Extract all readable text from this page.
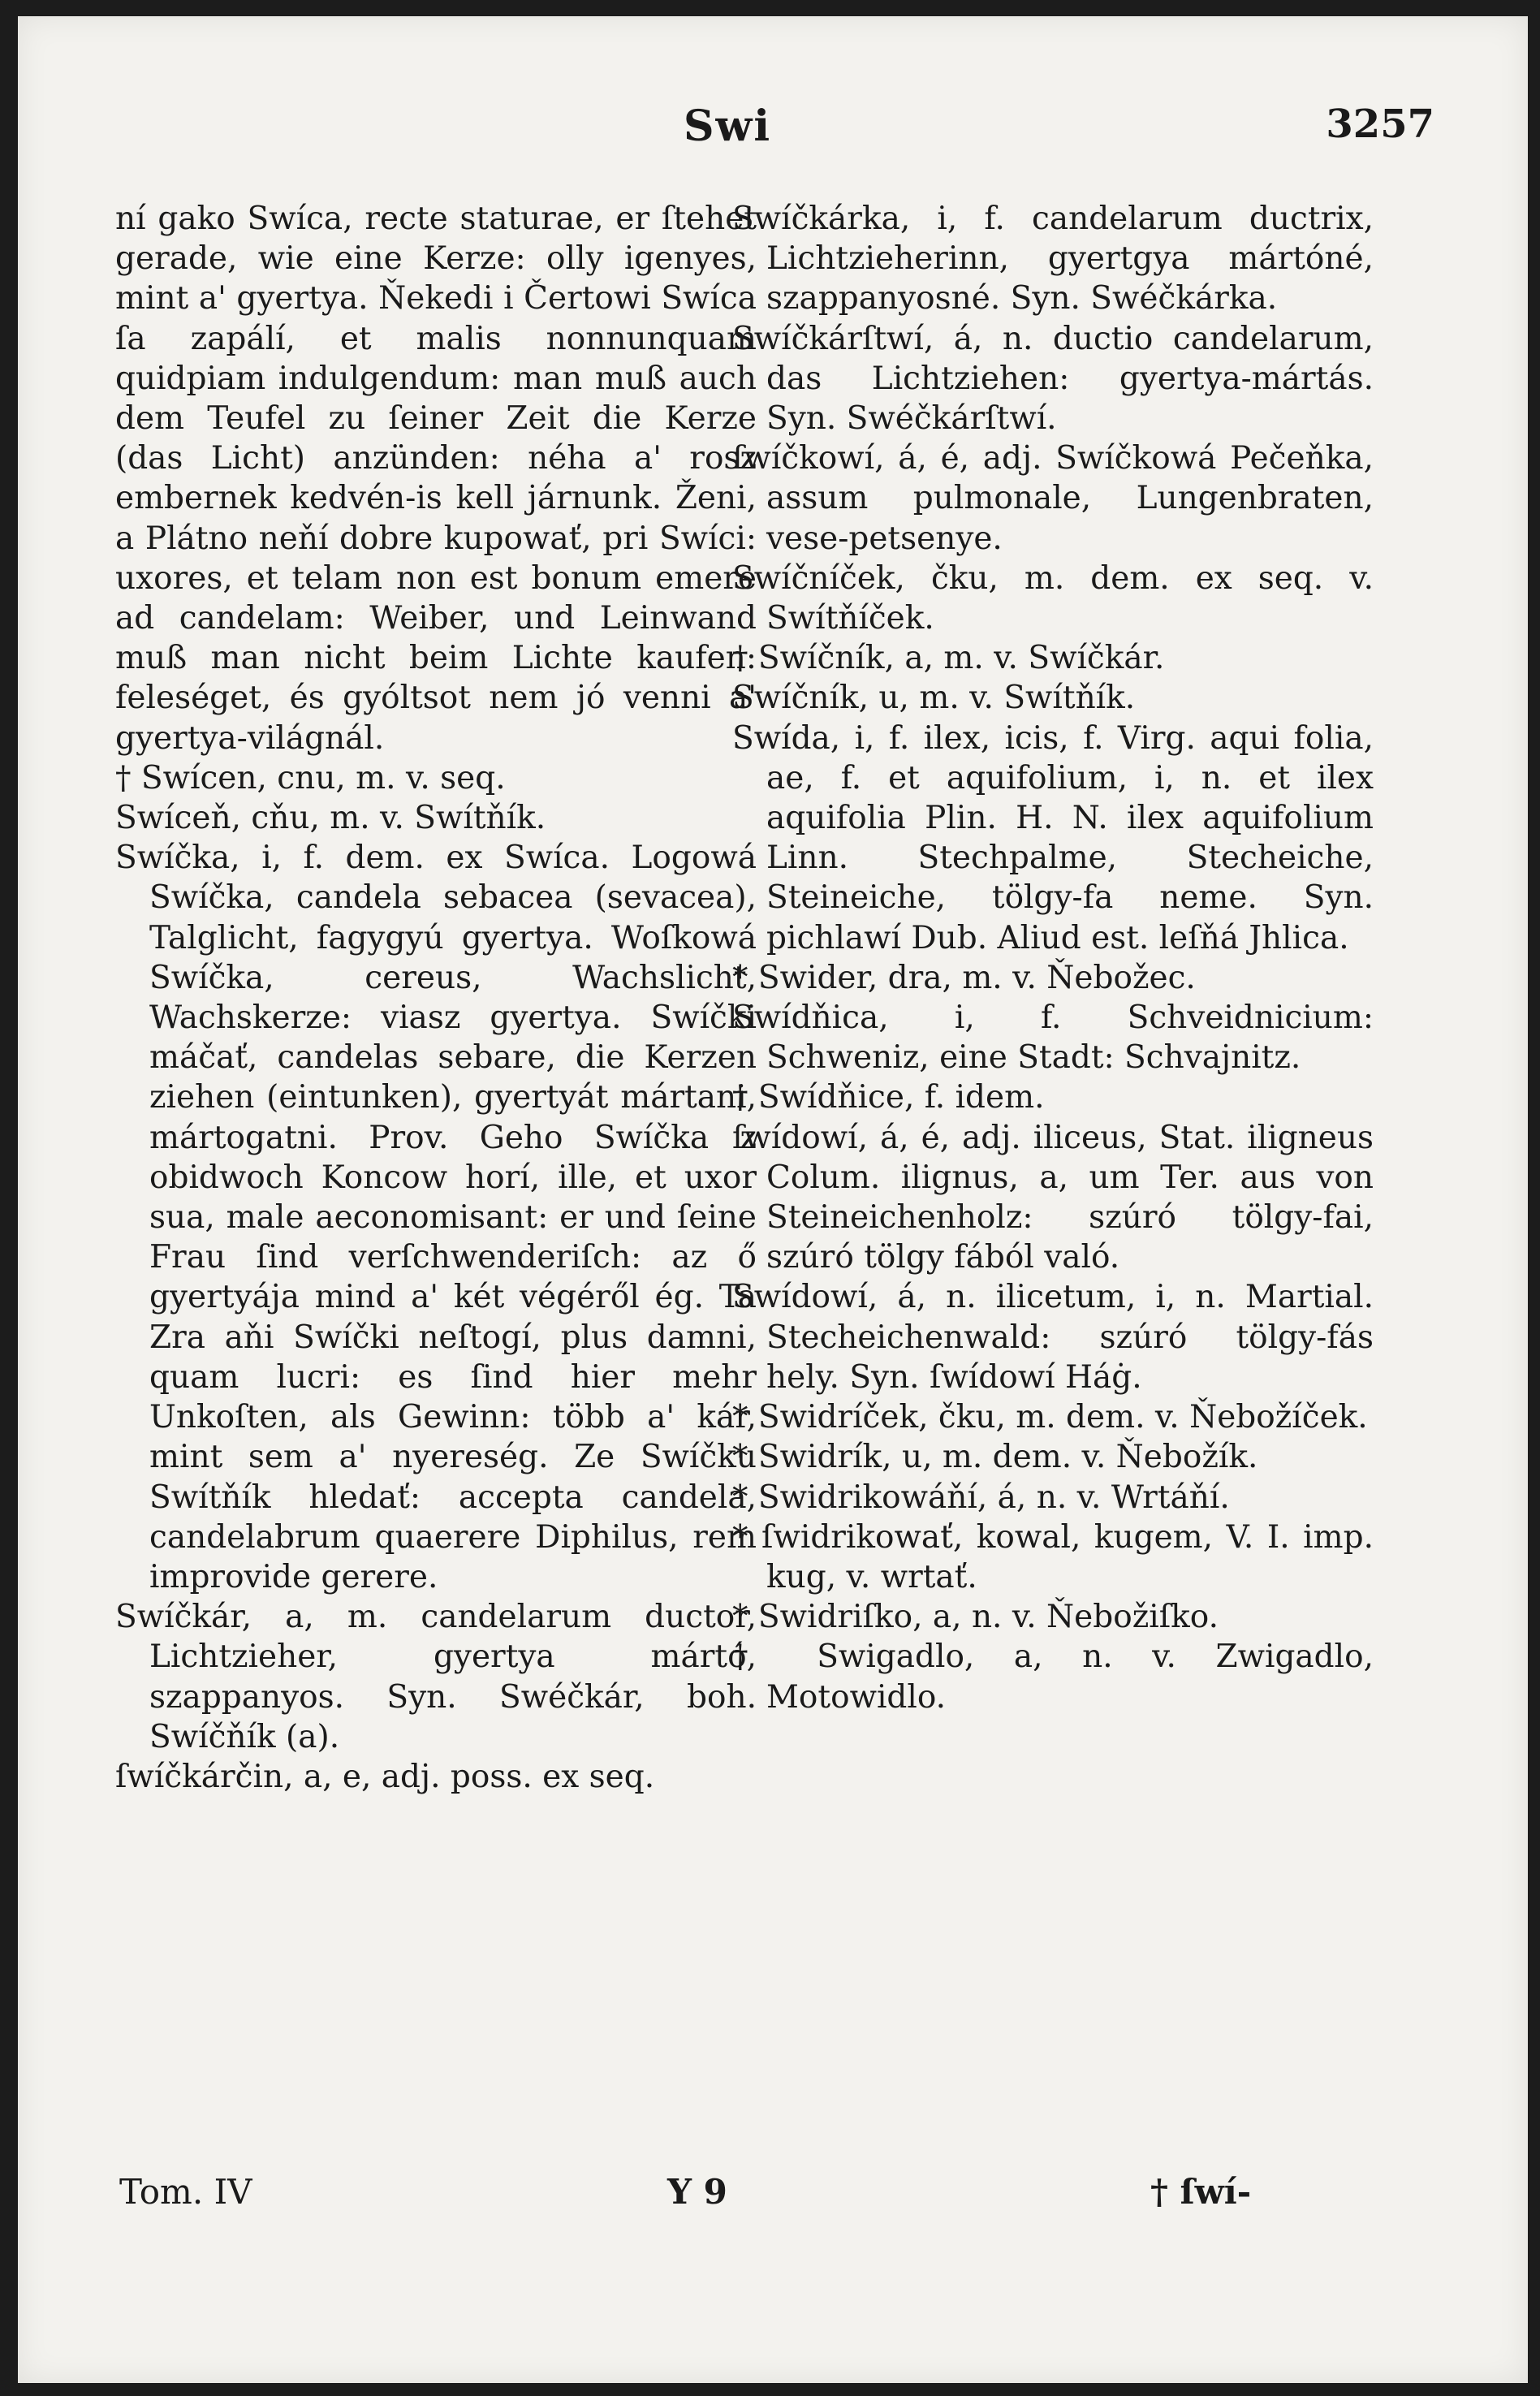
Swi	3257

ní gako Swíca, recte staturae, er ſtehet gerade, wie eine Kerze: olly igenyes, mint a' gyertya. Ňekedi i Čertowi Swíca ſa zapálí, et malis nonnunquam quidpiam indulgendum: man muß auch dem Teufel zu ſeiner Zeit die Kerze (das Licht) anzünden: néha a' rosz embernek kedvén-is kell járnunk. Ženi, a Plátno neňí dobre kupowať, pri Swíci: uxores, et telam non est bonum emere ad candelam: Weiber, und Leinwand muß man nicht beim Lichte kaufen: feleséget, és gyóltsot nem jó venni a' gyertya-világnál.

† Swícen, cnu, m. v. seq.

Swíceň, cňu, m. v. Swítňík.

Swíčka, i, f. dem. ex Swíca. Logowá Swíčka, candela sebacea (sevacea), Talglicht, fagygyú gyertya. Woſkowá Swíčka, cereus, Wachslicht, Wachskerze: viasz gyertya. Swíčki máčať, candelas sebare, die Kerzen ziehen (eintunken), gyertyát mártani, mártogatni. Prov. Geho Swíčka z obidwoch Koncow horí, ille, et uxor sua, male aeconomisant: er und ſeine Frau ſind verſchwenderiſch: az ő gyertyája mind a' két végéről ég. Ta Zra aňi Swíčki neſtogí, plus damni, quam lucri: es ſind hier mehr Unkoſten, als Gewinn: több a' kár, mint sem a' nyereség. Ze Swíčku Swítňík hledať: accepta candela, candelabrum quaerere Diphilus, rem improvide gerere.

Swíčkár, a, m. candelarum ductor, Lichtzieher, gyertya mártó, szappanyos. Syn. Swéčkár, boh. Swíčňík (a).

ſwíčkárčin, a, e, adj. poss. ex seq.

Swíčkárka, i, f. candelarum ductrix, Lichtzieherinn, gyertgya mártóné, szappanyosné. Syn. Swéčkárka.

Swíčkárſtwí, á, n. ductio candelarum, das Lichtziehen: gyertya-mártás. Syn. Swéčkárſtwí.

ſwíčkowí, á, é, adj. Swíčkowá Pečeňka, assum pulmonale, Lungenbraten, vese-petsenye.

Swíčníček, čku, m. dem. ex seq. v. Swítňíček.

† Swíčník, a, m. v. Swíčkár.

Swíčník, u, m. v. Swítňík.

Swída, i, f. ilex, icis, f. Virg. aqui folia, ae, f. et aquifolium, i, n. et ilex aquifolia Plin. H. N. ilex aquifolium Linn. Stechpalme, Stecheiche, Steineiche, tölgy-fa neme. Syn. pichlawí Dub. Aliud est. leſňá Jhlica.

* Swider, dra, m. v. Ňebožec.

Swídňica, i, f. Schveidnicium: Schweniz, eine Stadt: Schvajnitz.

† Swídňice, f. idem.

ſwídowí, á, é, adj. iliceus, Stat. iligneus Colum. ilignus, a, um Ter. aus von Steineichenholz: szúró tölgy-fai, szúró tölgy fából való.

Swídowí, á, n. ilicetum, i, n. Martial. Stecheichenwald: szúró tölgy-fás hely. Syn. ſwídowí Háġ.

* Swidríček, čku, m. dem. v. Ňebožíček.

* Swidrík, u, m. dem. v. Ňebožík.

* Swidrikowáňí, á, n. v. Wrtáňí.

* ſwidrikowať, kowal, kugem, V. I. imp. kug, v. wrtať.

* Swidriſko, a, n. v. Ňebožiſko.

† Swigadlo, a, n. v. Zwigadlo, Motowidlo.

Tom. IV	Y 9	† ſwí-
